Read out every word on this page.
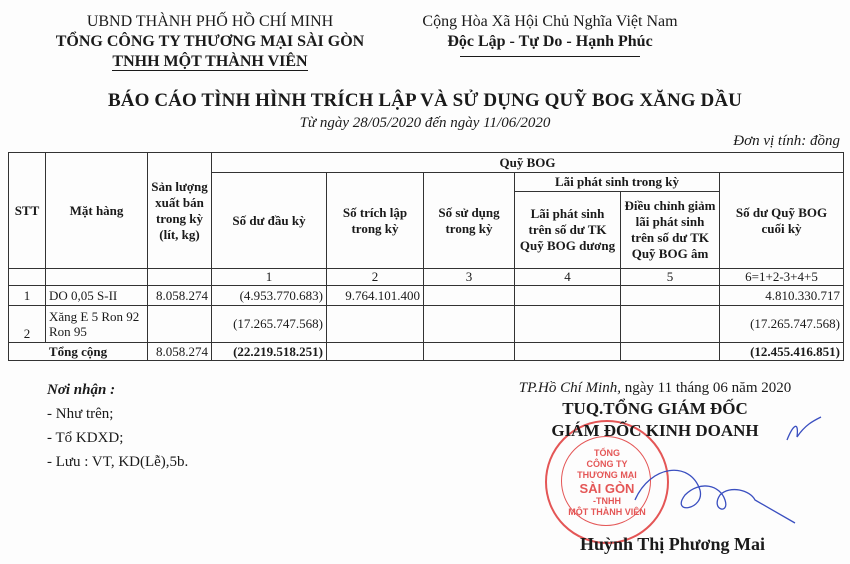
UBND THÀNH PHỐ HỒ CHÍ MINH
TỔNG CÔNG TY THƯƠNG MẠI SÀI GÒN
TNHH MỘT THÀNH VIÊN
Cộng Hòa Xã Hội Chủ Nghĩa Việt Nam
Độc Lập - Tự Do - Hạnh Phúc
BÁO CÁO TÌNH HÌNH TRÍCH LẬP VÀ SỬ DỤNG QUỸ BOG XĂNG DẦU
Từ ngày 28/05/2020 đến ngày 11/06/2020
Đơn vị tính: đồng
STT	Mặt hàng	Sản lượng xuất bán trong kỳ (lít, kg)	Quỹ BOG					
			Số dư đầu kỳ	Số trích lập trong kỳ	Số sử dụng trong kỳ	Lãi phát sinh trong kỳ		Số dư Quỹ BOG cuối kỳ
						Lãi phát sinh trên số dư TK Quỹ BOG dương	Điều chỉnh giảm lãi phát sinh trên số dư TK Quỹ BOG âm	
			1	2	3	4	5	6=1+2-3+4+5
1	DO 0,05 S-II	8.058.274	(4.953.770.683)	9.764.101.400				4.810.330.717
2	Xăng E 5 Ron 92
Ron 95		(17.265.747.568)					(17.265.747.568)
Tổng cộng		8.058.274	(22.219.518.251)					(12.455.416.851)
Nơi nhận :
- Như trên;
- Tổ KDXD;
- Lưu : VT, KD(Lễ),5b.
TỔNG
CÔNG TY
THƯƠNG MẠI
SÀI GÒN
-TNHH
MỘT THÀNH VIÊN
TP.Hồ Chí Minh, ngày 11 tháng 06 năm 2020
TUQ.TỔNG GIÁM ĐỐC
GIÁM ĐỐC KINH DOANH
Huỳnh Thị Phương Mai
